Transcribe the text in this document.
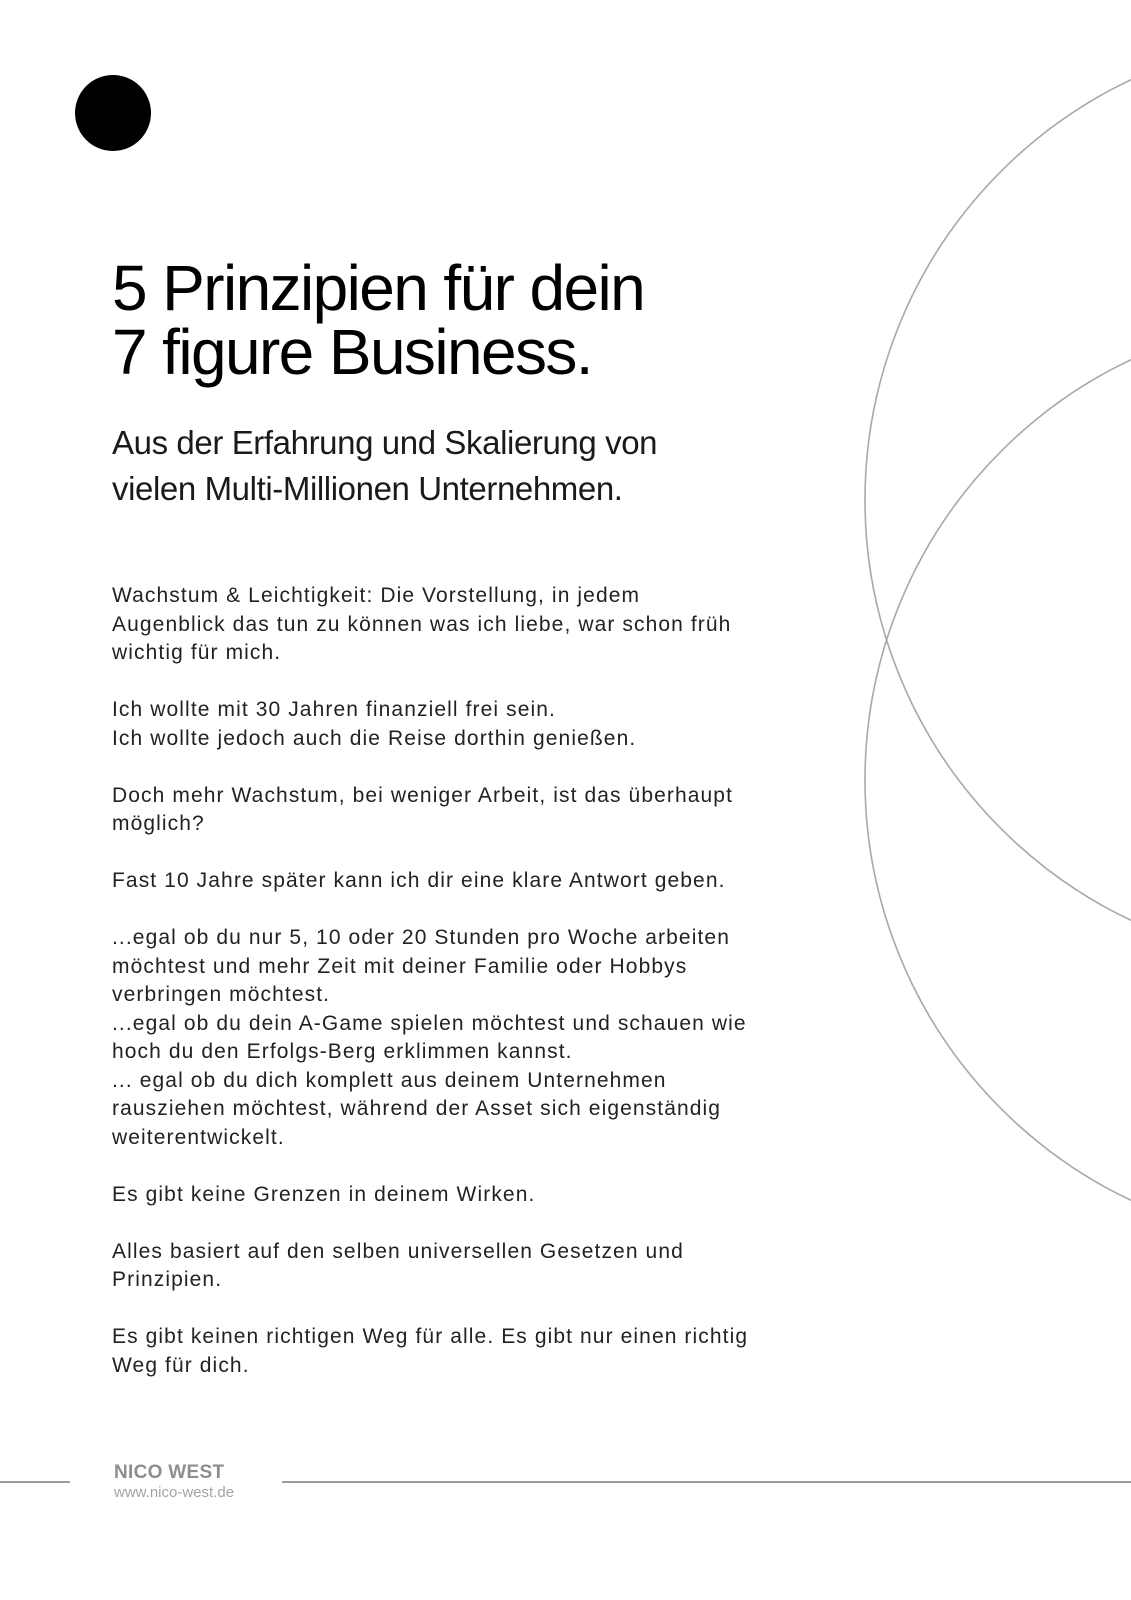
5 Prinzipien für dein
7 figure Business.
Aus der Erfahrung und Skalierung von
vielen Multi-Millionen Unternehmen.

Wachstum & Leichtigkeit: Die Vorstellung, in jedem
Augenblick das tun zu können was ich liebe, war schon früh
wichtig für mich.

Ich wollte mit 30 Jahren finanziell frei sein.
Ich wollte jedoch auch die Reise dorthin genießen.

Doch mehr Wachstum, bei weniger Arbeit, ist das überhaupt
möglich?

Fast 10 Jahre später kann ich dir eine klare Antwort geben.

...egal ob du nur 5, 10 oder 20 Stunden pro Woche arbeiten
möchtest und mehr Zeit mit deiner Familie oder Hobbys
verbringen möchtest.
...egal ob du dein A-Game spielen möchtest und schauen wie
hoch du den Erfolgs-Berg erklimmen kannst.
... egal ob du dich komplett aus deinem Unternehmen
rausziehen möchtest, während der Asset sich eigenständig
weiterentwickelt.

Es gibt keine Grenzen in deinem Wirken.

Alles basiert auf den selben universellen Gesetzen und
Prinzipien.

Es gibt keinen richtigen Weg für alle. Es gibt nur einen richtig
Weg für dich.

NICO WEST
www.nico-west.de
